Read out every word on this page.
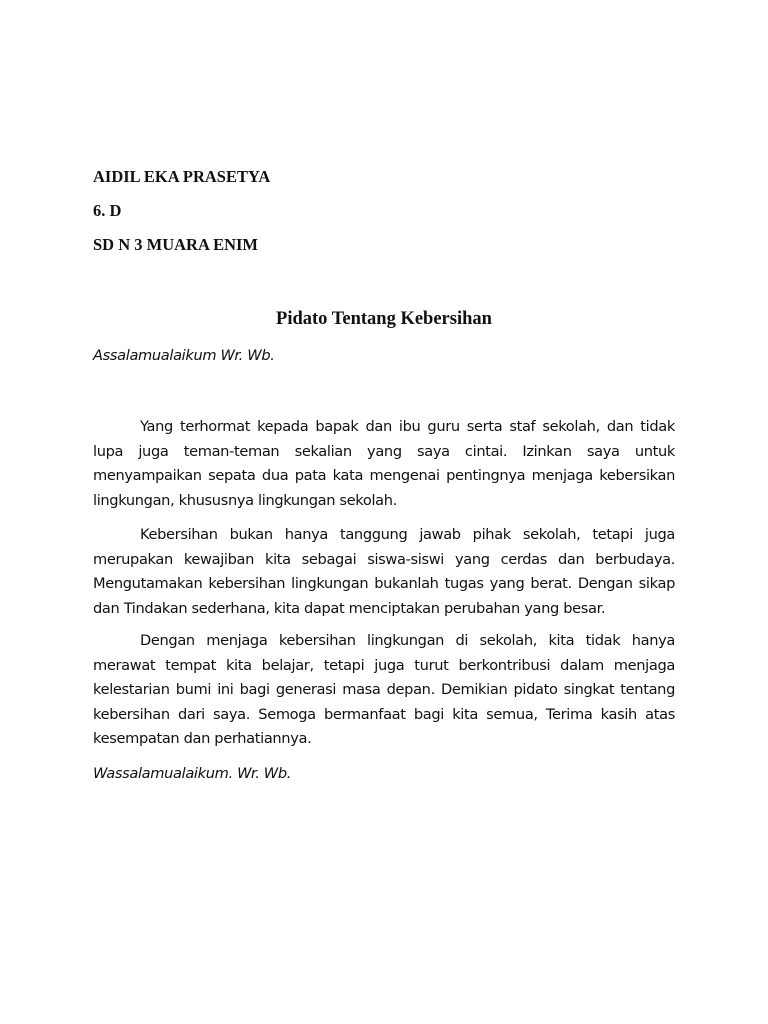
AIDIL EKA PRASETYA
6. D
SD N 3 MUARA ENIM
Pidato Tentang Kebersihan
Assalamualaikum Wr. Wb.

Yang terhormat kepada bapak dan ibu guru serta staf sekolah, dan tidak lupa juga teman-teman sekalian yang saya cintai. Izinkan saya untuk menyampaikan sepata dua pata kata mengenai pentingnya menjaga kebersikan lingkungan, khususnya lingkungan sekolah.

Kebersihan bukan hanya tanggung jawab pihak sekolah, tetapi juga merupakan kewajiban kita sebagai siswa-siswi yang cerdas dan berbudaya. Mengutamakan kebersihan lingkungan bukanlah tugas yang berat. Dengan sikap dan Tindakan sederhana, kita dapat menciptakan perubahan yang besar.

Dengan menjaga kebersihan lingkungan di sekolah, kita tidak hanya merawat tempat kita belajar, tetapi juga turut berkontribusi dalam menjaga kelestarian bumi ini bagi generasi masa depan. Demikian pidato singkat tentang kebersihan dari saya. Semoga bermanfaat bagi kita semua, Terima kasih atas kesempatan dan perhatiannya.

Wassalamualaikum. Wr. Wb.
